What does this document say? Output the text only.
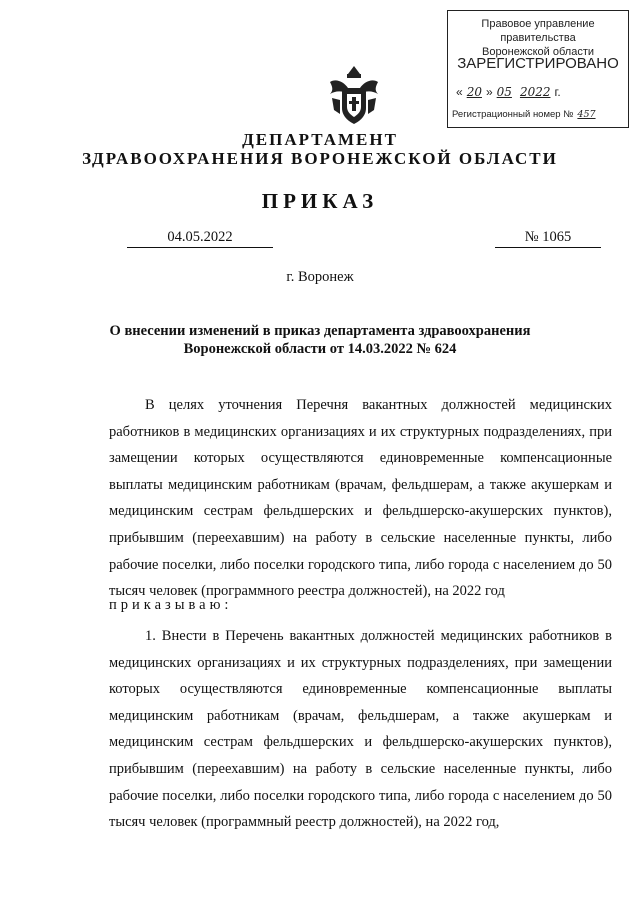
Правовое управление правительства
Воронежской области
ЗАРЕГИСТРИРОВАНО
« 20 » 05 2022 г.
Регистрационный номер № 457
ДЕПАРТАМЕНТ
ЗДРАВООХРАНЕНИЯ ВОРОНЕЖСКОЙ ОБЛАСТИ
ПРИКАЗ
04.05.2022	№ 1065
г. Воронеж
О внесении изменений в приказ департамента здравоохранения
Воронежской области от 14.03.2022 № 624
В целях уточнения Перечня вакантных должностей медицинских работников в медицинских организациях и их структурных подразделениях, при замещении которых осуществляются единовременные компенсационные выплаты медицинским работникам (врачам, фельдшерам, а также акушеркам и медицинским сестрам фельдшерских и фельдшерско-акушерских пунктов), прибывшим (переехавшим) на работу в сельские населенные пункты, либо рабочие поселки, либо поселки городского типа, либо города с населением до 50 тысяч человек (программного реестра должностей), на 2022 год
приказываю:
1. Внести в Перечень вакантных должностей медицинских работников в медицинских организациях и их структурных подразделениях, при замещении которых осуществляются единовременные компенсационные выплаты медицинским работникам (врачам, фельдшерам, а также акушеркам и медицинским сестрам фельдшерских и фельдшерско-акушерских пунктов), прибывшим (переехавшим) на работу в сельские населенные пункты, либо рабочие поселки, либо поселки городского типа, либо города с населением до 50 тысяч человек (программный реестр должностей), на 2022 год,
